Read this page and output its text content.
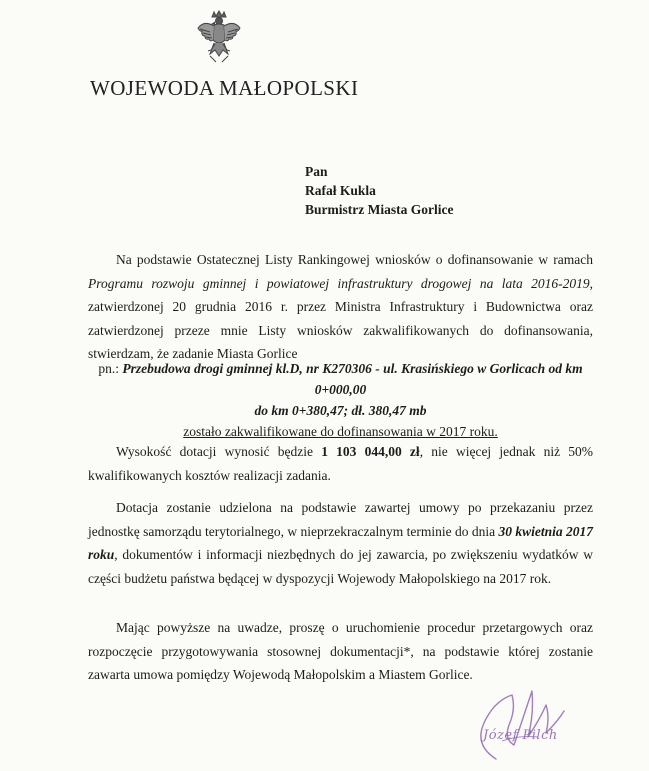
WOJEWODA MAŁOPOLSKI
Pan
Rafał Kukla
Burmistrz Miasta Gorlice

Na podstawie Ostatecznej Listy Rankingowej wniosków o dofinansowanie w ramach Programu rozwoju gminnej i powiatowej infrastruktury drogowej na lata 2016-2019, zatwierdzonej 20 grudnia 2016 r. przez Ministra Infrastruktury i Budownictwa oraz zatwierdzonej przeze mnie Listy wniosków zakwalifikowanych do dofinansowania, stwierdzam, że zadanie Miasta Gorlice

pn.: Przebudowa drogi gminnej kl.D, nr K270306 - ul. Krasińskiego w Gorlicach od km 0+000,00
do km 0+380,47; dł. 380,47 mb
zostało zakwalifikowane do dofinansowania w 2017 roku.

Wysokość dotacji wynosić będzie 1 103 044,00 zł, nie więcej jednak niż 50% kwalifikowanych kosztów realizacji zadania.

Dotacja zostanie udzielona na podstawie zawartej umowy po przekazaniu przez jednostkę samorządu terytorialnego, w nieprzekraczalnym terminie do dnia 30 kwietnia 2017 roku, dokumentów i informacji niezbędnych do jej zawarcia, po zwiększeniu wydatków w części budżetu państwa będącej w dyspozycji Wojewody Małopolskiego na 2017 rok.

Mając powyższe na uwadze, proszę o uruchomienie procedur przetargowych oraz rozpoczęcie przygotowywania stosownej dokumentacji*, na podstawie której zostanie zawarta umowa pomiędzy Wojewodą Małopolskim a Miastem Gorlice.

Józef Pilch
